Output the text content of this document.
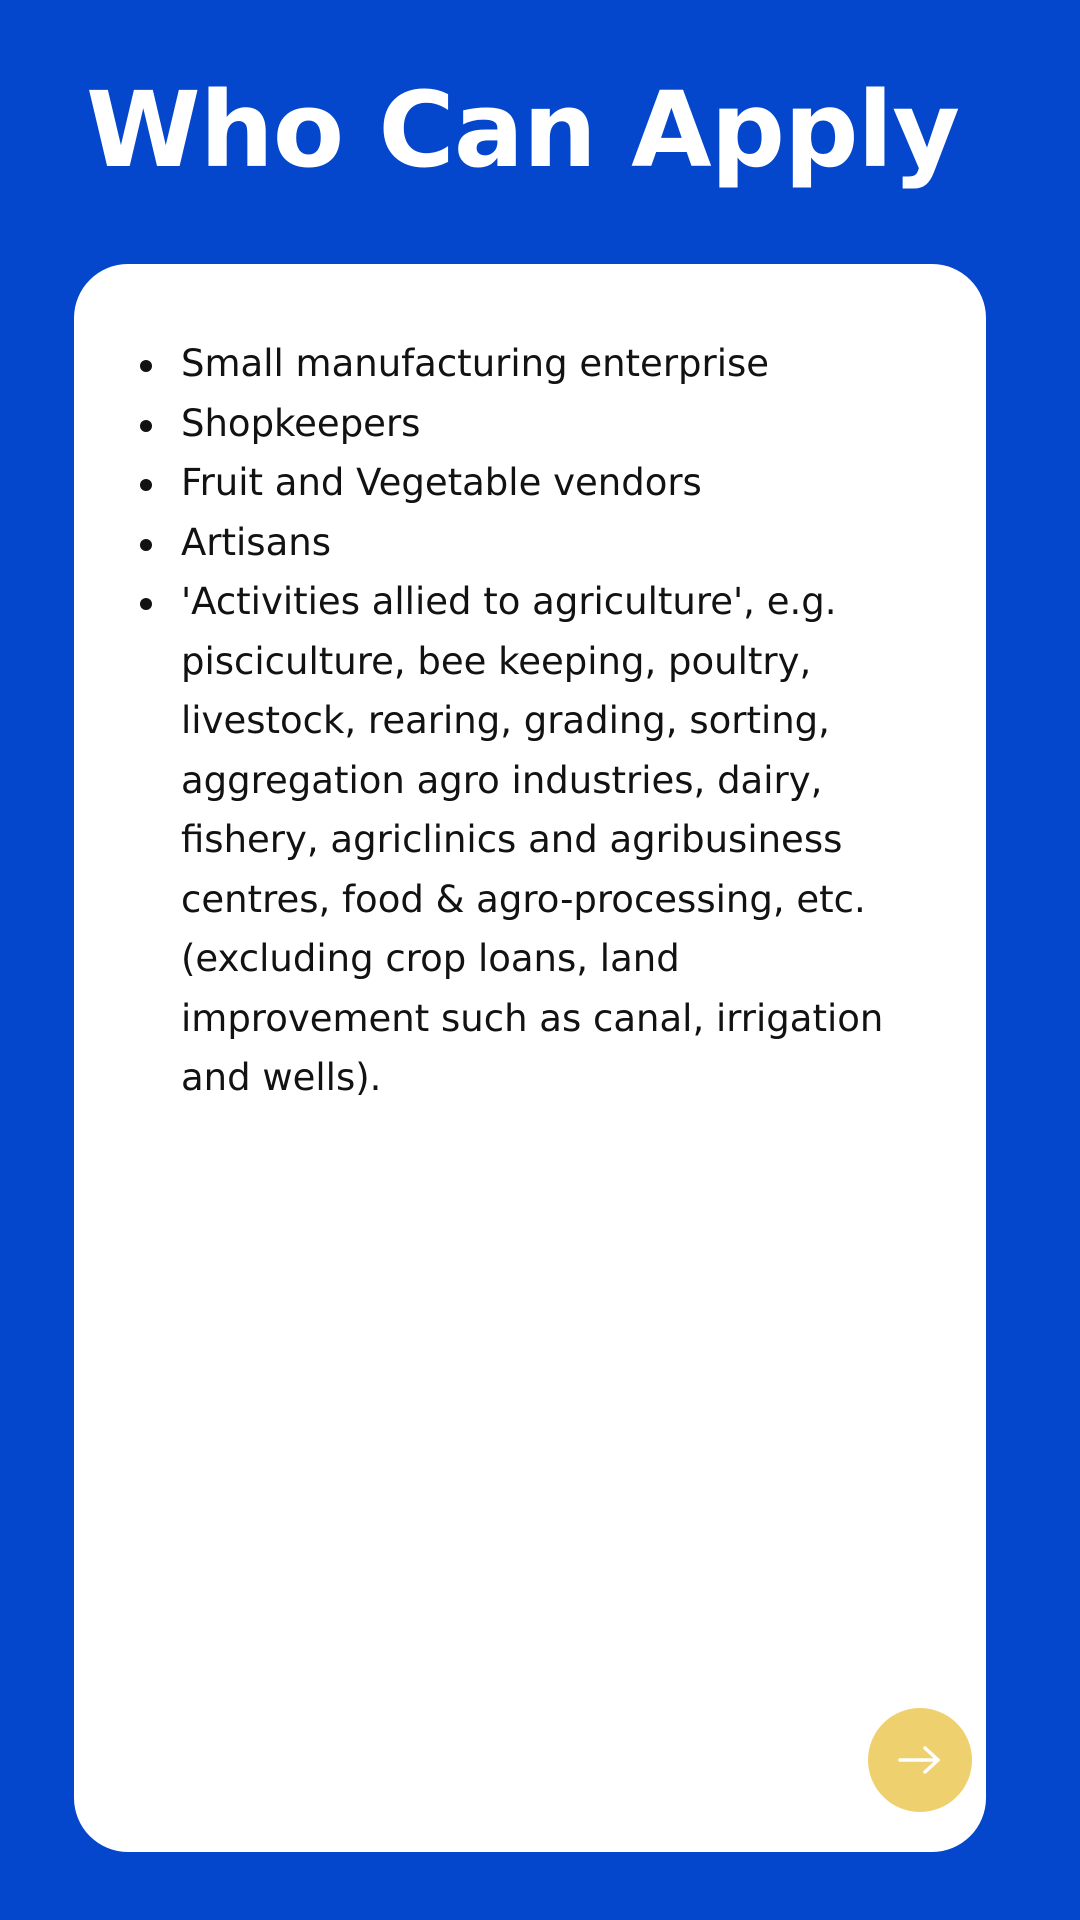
Who Can Apply
Small manufacturing enterprise
Shopkeepers
Fruit and Vegetable vendors
Artisans
'Activities allied to agriculture', e.g. pisciculture, bee keeping, poultry, livestock, rearing, grading, sorting, aggregation agro industries, dairy, fishery, agriclinics and agribusiness centres, food & agro-processing, etc. (excluding crop loans, land improvement such as canal, irrigation and wells).
